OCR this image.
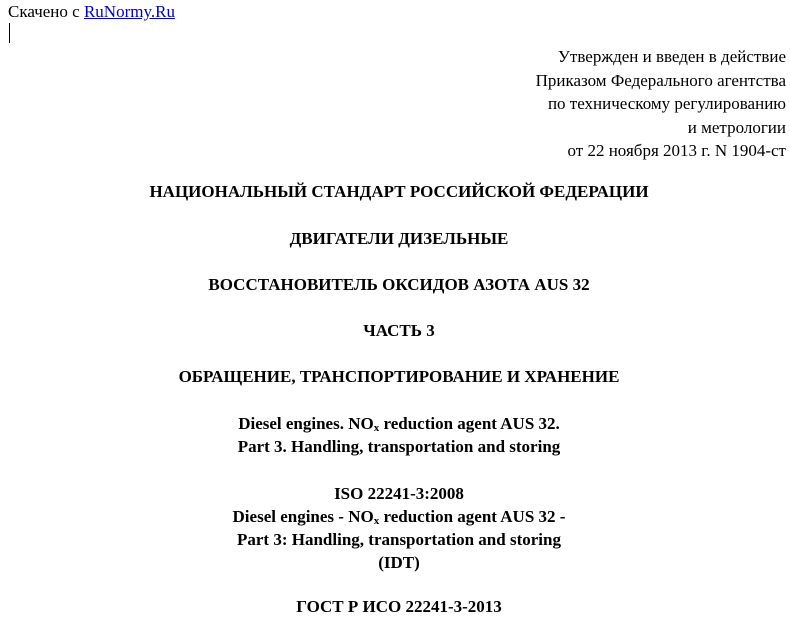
Скачено с RuNormy.Ru
Утвержден и введен в действие
Приказом Федерального агентства
по техническому регулированию
и метрологии
от 22 ноября 2013 г. N 1904-ст
НАЦИОНАЛЬНЫЙ СТАНДАРТ РОССИЙСКОЙ ФЕДЕРАЦИИ
ДВИГАТЕЛИ ДИЗЕЛЬНЫЕ
ВОССТАНОВИТЕЛЬ ОКСИДОВ АЗОТА AUS 32
ЧАСТЬ 3
ОБРАЩЕНИЕ, ТРАНСПОРТИРОВАНИЕ И ХРАНЕНИЕ
Diesel engines. $NO_x$ reduction agent AUS 32.
Part 3. Handling, transportation and storing
ISO 22241-3:2008
Diesel engines - $NO_x$ reduction agent AUS 32 -
Part 3: Handling, transportation and storing
(IDT)
ГОСТ Р ИСО 22241-3-2013
